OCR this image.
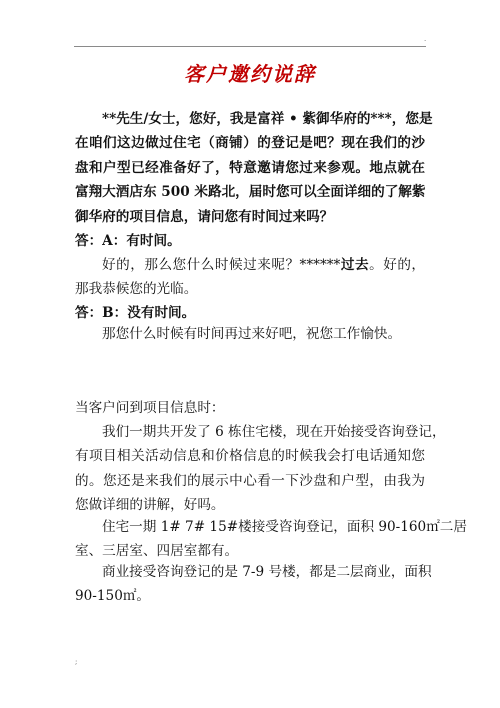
.
客户邀约说辞
**先生/女士，您好，我是富祥 • 紫御华府的***，您是
在咱们这边做过住宅（商铺）的登记是吧？现在我们的沙
盘和户型已经准备好了，特意邀请您过来参观。地点就在
富翔大酒店东 500 米路北，届时您可以全面详细的了解紫
御华府的项目信息，请问您有时间过来吗？
答：A：有时间。
好的，那么您什么时候过来呢？******过去。好的，
那我恭候您的光临。
答：B：没有时间。
那您什么时候有时间再过来好吧，祝您工作愉快。
当客户问到项目信息时：
我们一期共开发了 6 栋住宅楼，现在开始接受咨询登记，
有项目相关活动信息和价格信息的时候我会打电话通知您
的。您还是来我们的展示中心看一下沙盘和户型，由我为
您做详细的讲解，好吗。
住宅一期 1# 7# 15#楼接受咨询登记，面积 90-160㎡二居
室、三居室、四居室都有。
商业接受咨询登记的是 7-9 号楼，都是二层商业，面积
90-150㎡。
;
